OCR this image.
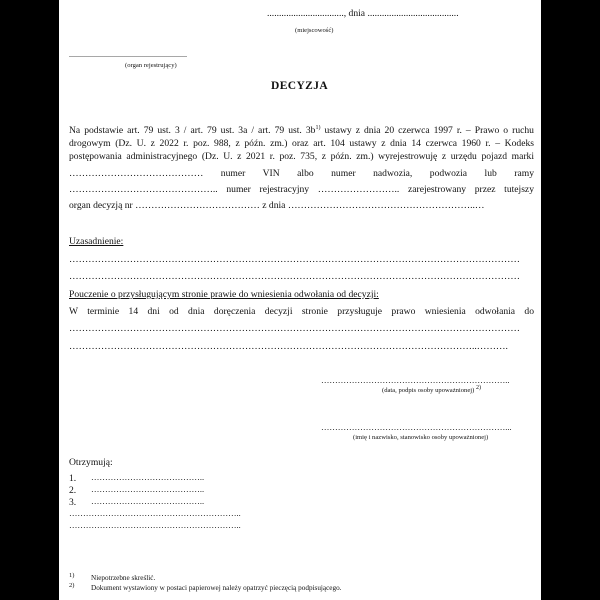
................................, dnia ......................................
(miejscowość)
...........................................................
(organ rejestrujący)
DECYZJA
Na podstawie art. 79 ust. 3 / art. 79 ust. 3a / art. 79 ust. $3b^{1)}$ ustawy z dnia 20 czerwca 1997 r. – Prawo o ruchu
drogowym (Dz. U. z 2022 r. poz. 988, z późn. zm.) oraz art. 104 ustawy z dnia 14 czerwca 1960 r. – Kodeks
postępowania administracyjnego (Dz. U. z 2021 r. poz. 735, z późn. zm.) wyrejestrowuję z urzędu pojazd marki
…………………………………… numer VIN albo numer nadwozia, podwozia lub ramy
……………………………………….. numer rejestracyjny …………………….. zarejestrowany przez tutejszy
organ decyzją nr ………………………………… z dnia …………………………………………………..…
Uzasadnienie:
……………………………………………………………………………………………………………………………
……………………………………………………………………………………………………………………………
Pouczenie o przysługującym stronie prawie do wniesienia odwołania od decyzji:
W terminie 14 dni od dnia doręczenia decyzji stronie przysługuje prawo wniesienia odwołania do
……………………………………………………………………………………………………………………………
………………………………………………………………………………………………………………..……….
…………………………………………………………..
(data, podpis osoby upoważnionej) $^{2)}$
…………………………………………………………...
(imię i nazwisko, stanowisko osoby upoważnionej)
Otrzymują:
1. …………………………………..
2. …………………………………..
3. …………………………………..
……………………………………………………..
……………………………………………………..
1) Niepotrzebne skreślić.
2) Dokument wystawiony w postaci papierowej należy opatrzyć pieczęcią podpisującego.
